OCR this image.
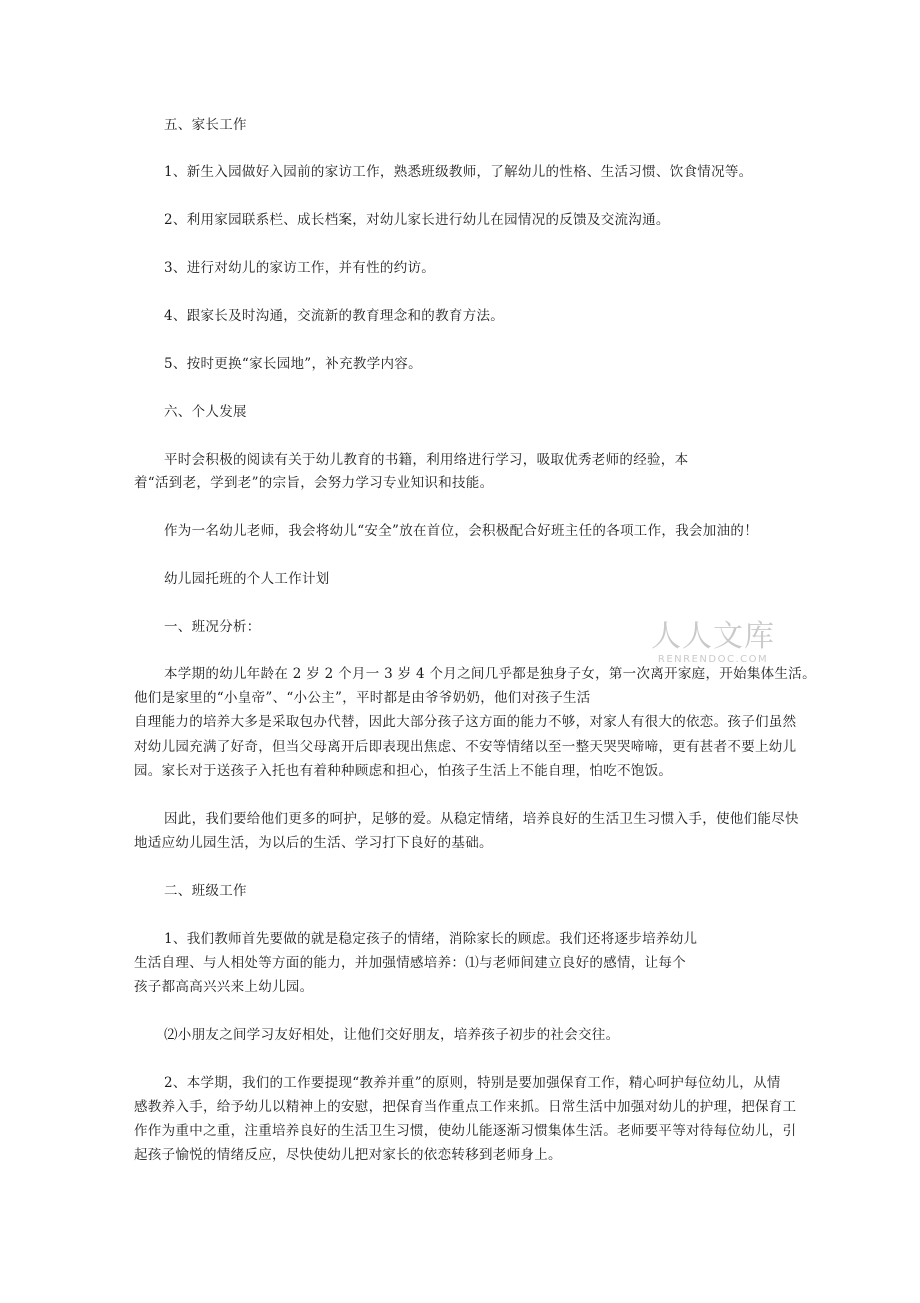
五、家长工作
1、新生入园做好入园前的家访工作，熟悉班级教师，了解幼儿的性格、生活习惯、饮食情况等。
2、利用家园联系栏、成长档案，对幼儿家长进行幼儿在园情况的反馈及交流沟通。
3、进行对幼儿的家访工作，并有性的约访。
4、跟家长及时沟通，交流新的教育理念和的教育方法。
5、按时更换“家长园地”，补充教学内容。
六、个人发展
平时会积极的阅读有关于幼儿教育的书籍，利用络进行学习，吸取优秀老师的经验，本
着“活到老，学到老”的宗旨，会努力学习专业知识和技能。
作为一名幼儿老师，我会将幼儿“安全”放在首位，会积极配合好班主任的各项工作，我会加油的！
幼儿园托班的个人工作计划
一、班况分析：
本学期的幼儿年龄在 2 岁 2 个月一 3 岁 4 个月之间几乎都是独身子女，第一次离开家庭，开始集体生活。
他们是家里的“小皇帝”、“小公主”，平时都是由爷爷奶奶，他们对孩子生活
自理能力的培养大多是采取包办代替，因此大部分孩子这方面的能力不够，对家人有很大的依恋。孩子们虽然
对幼儿园充满了好奇，但当父母离开后即表现出焦虑、不安等情绪以至一整天哭哭啼啼，更有甚者不要上幼儿
园。家长对于送孩子入托也有着种种顾虑和担心，怕孩子生活上不能自理，怕吃不饱饭。
因此，我们要给他们更多的呵护，足够的爱。从稳定情绪，培养良好的生活卫生习惯入手，使他们能尽快
地适应幼儿园生活，为以后的生活、学习打下良好的基础。
二、班级工作
1、我们教师首先要做的就是稳定孩子的情绪，消除家长的顾虑。我们还将逐步培养幼儿
生活自理、与人相处等方面的能力，并加强情感培养：⑴与老师间建立良好的感情，让每个
孩子都高高兴兴来上幼儿园。
⑵小朋友之间学习友好相处，让他们交好朋友，培养孩子初步的社会交往。
2、本学期，我们的工作要提现“教养并重”的原则，特别是要加强保育工作，精心呵护每位幼儿，从情
感教养入手，给予幼儿以精神上的安慰，把保育当作重点工作来抓。日常生活中加强对幼儿的护理，把保育工
作作为重中之重，注重培养良好的生活卫生习惯，使幼儿能逐渐习惯集体生活。老师要平等对待每位幼儿，引
起孩子愉悦的情绪反应，尽快使幼儿把对家长的依恋转移到老师身上。
人人文库
RENRENDOC.COM
